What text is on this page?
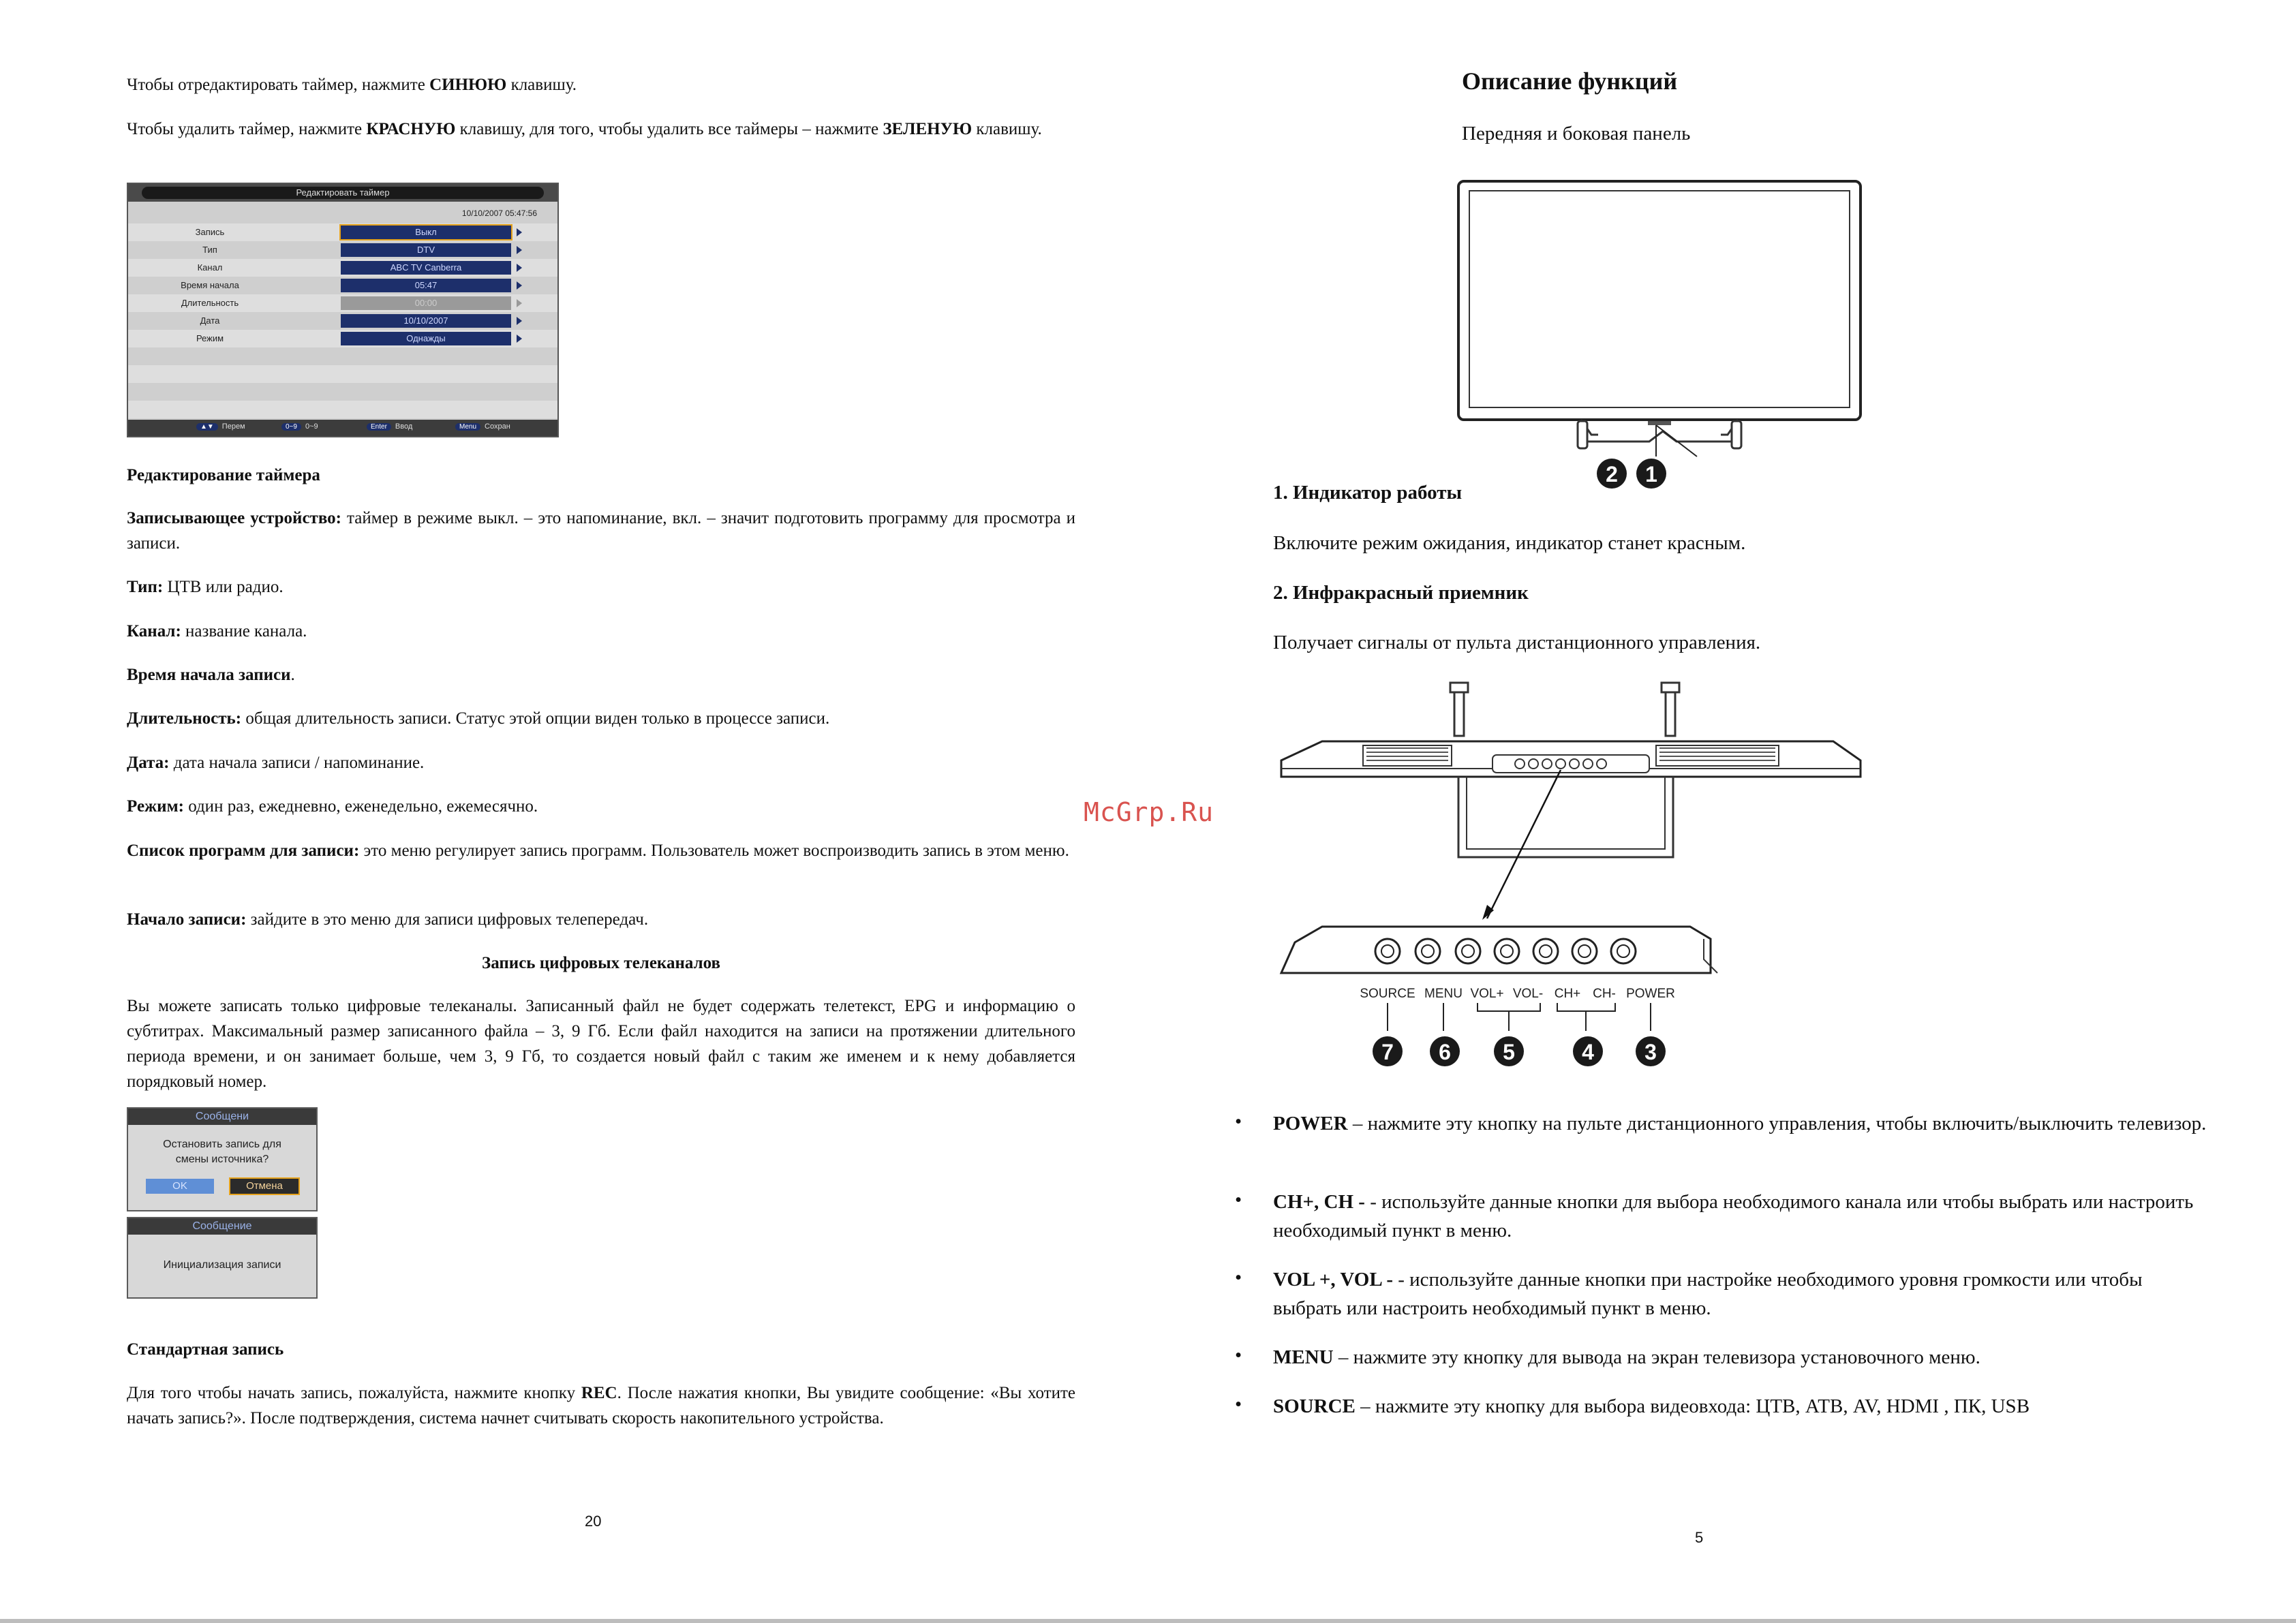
Чтобы отредактировать таймер, нажмите СИНЮЮ клавишу.

Чтобы удалить таймер, нажмите КРАСНУЮ клавишу, для того, чтобы удалить все таймеры – нажмите ЗЕЛЕНУЮ клавишу.

Редактировать таймер
10/10/2007 05:47:56
Запись	Выкл
Тип	DTV
Канал	ABC TV Canberra
Время начала	05:47
Длительность	00:00
Дата	10/10/2007
Режим	Однажды
▲▼ Перем	0~9 0~9	Enter Ввод	Menu Сохран

Редактирование таймера

Записывающее устройство: таймер в режиме выкл. – это напоминание, вкл. – значит подготовить программу для просмотра и записи.

Тип: ЦТВ или радио.

Канал: название канала.

Время начала записи.

Длительность: общая длительность записи. Статус этой опции виден только в процессе записи.

Дата: дата начала записи / напоминание.

Режим: один раз, ежедневно, еженедельно, ежемесячно.

Список программ для записи: это меню регулирует запись программ. Пользователь может воспроизводить запись в этом меню.

Начало записи: зайдите в это меню для записи цифровых телепередач.

Запись цифровых телеканалов

Вы можете записать только цифровые телеканалы. Записанный файл не будет содержать телетекст, EPG и информацию о субтитрах. Максимальный размер записанного файла – 3, 9 Гб. Если файл находится на записи на протяжении длительного периода времени, и он занимает больше, чем 3, 9 Гб, то создается новый файл с таким же именем и к нему добавляется порядковый номер.

Сообщени
Остановить запись для смены источника?
OK	Отмена
Сообщение
Инициализация записи

Стандартная запись

Для того чтобы начать запись, пожалуйста, нажмите кнопку REC. После нажатия кнопки, Вы увидите сообщение: «Вы хотите начать запись?». После подтверждения, система начнет считывать скорость накопительного устройства.

20
McGrp.Ru
Описание функций
Передняя и боковая панель
2 1

1. Индикатор работы

Включите режим ожидания, индикатор станет красным.

2. Инфракрасный приемник

Получает сигналы от пульта дистанционного управления.

SOURCE MENU VOL+ VOL- CH+ CH- POWER
7 6 5	4 3
• POWER – нажмите эту кнопку на пульте дистанционного управления, чтобы включить/выключить телевизор.

• CH+, CH - - используйте данные кнопки для выбора необходимого канала или чтобы выбрать или настроить необходимый пункт в меню.

• VOL +, VOL - - используйте данные кнопки при настройке необходимого уровня громкости или чтобы выбрать или настроить необходимый пункт в меню.

• MENU – нажмите эту кнопку для вывода на экран телевизора установочного меню.

• SOURCE – нажмите эту кнопку для выбора видеовхода: ЦТВ, АТВ, AV, HDMI , ПК, USB

5
